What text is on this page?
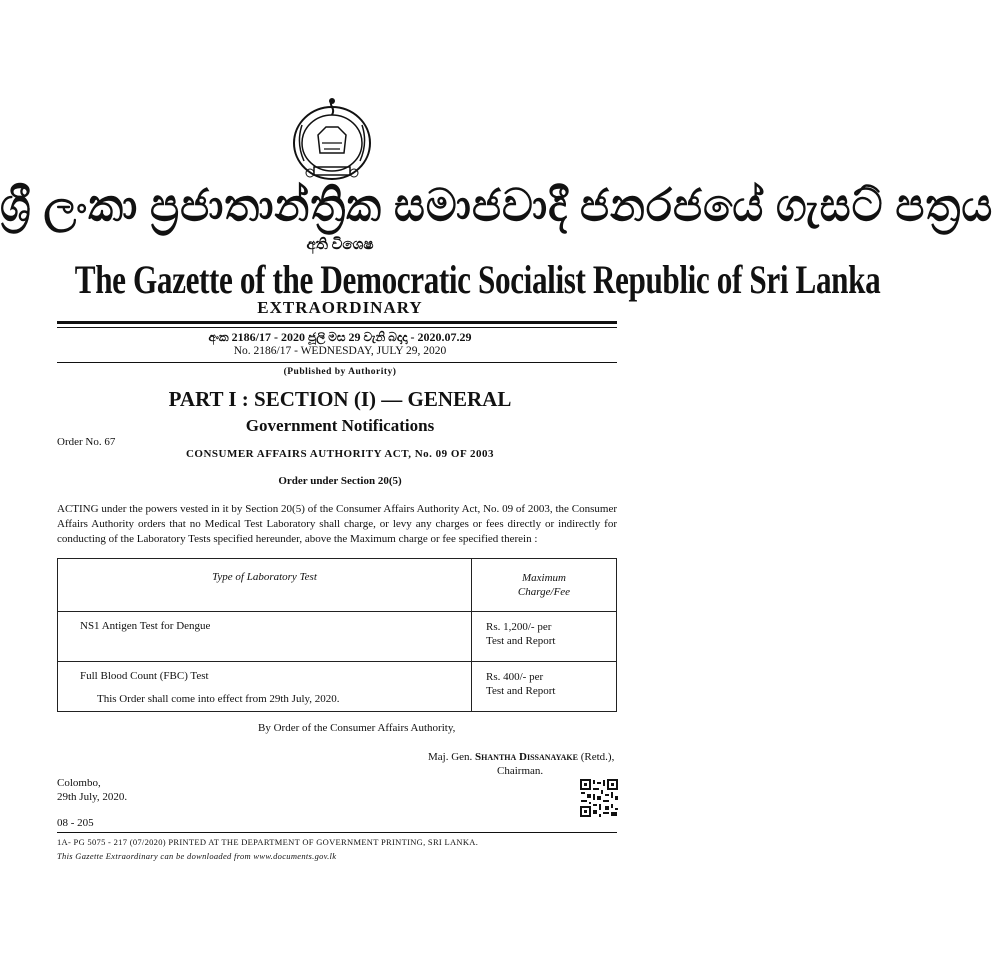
ශ්‍රී ලංකා ප්‍රජාතාන්ත්‍රික සමාජවාදී ජනරජයේ ගැසට් පත්‍රය
අති විශෙෂ
The Gazette of the Democratic Socialist Republic of Sri Lanka
EXTRAORDINARY
අංක 2186/17 - 2020 ජූලි මස 29 වැනි බදාදා - 2020.07.29
No. 2186/17 - WEDNESDAY, JULY 29, 2020
(Published by Authority)
PART I : SECTION (I) — GENERAL
Government Notifications
Order No. 67
CONSUMER AFFAIRS AUTHORITY ACT, No. 09 OF 2003
Order under Section 20(5)
ACTING under the powers vested in it by Section 20(5) of the Consumer Affairs Authority Act, No. 09 of 2003, the Consumer Affairs Authority orders that no Medical Test Laboratory shall charge, or levy any charges or fees directly or indirectly for conducting of the Laboratory Tests specified hereunder, above the Maximum charge or fee specified therein :
Type of Laboratory Test	Maximum
Charge/Fee

NS1 Antigen Test for Dengue	Rs. 1,200/- per
Test and Report

Full Blood Count (FBC) Test	Rs. 400/- per
Test and Report
This Order shall come into effect from 29th July, 2020.
By Order of the Consumer Affairs Authority,
Maj. Gen. Shantha Dissanayake (Retd.),
Chairman.
Colombo,
29th July, 2020.
08 - 205
1A- PG 5075 - 217 (07/2020) PRINTED AT THE DEPARTMENT OF GOVERNMENT PRINTING, SRI LANKA.
This Gazette Extraordinary can be downloaded from www.documents.gov.lk
